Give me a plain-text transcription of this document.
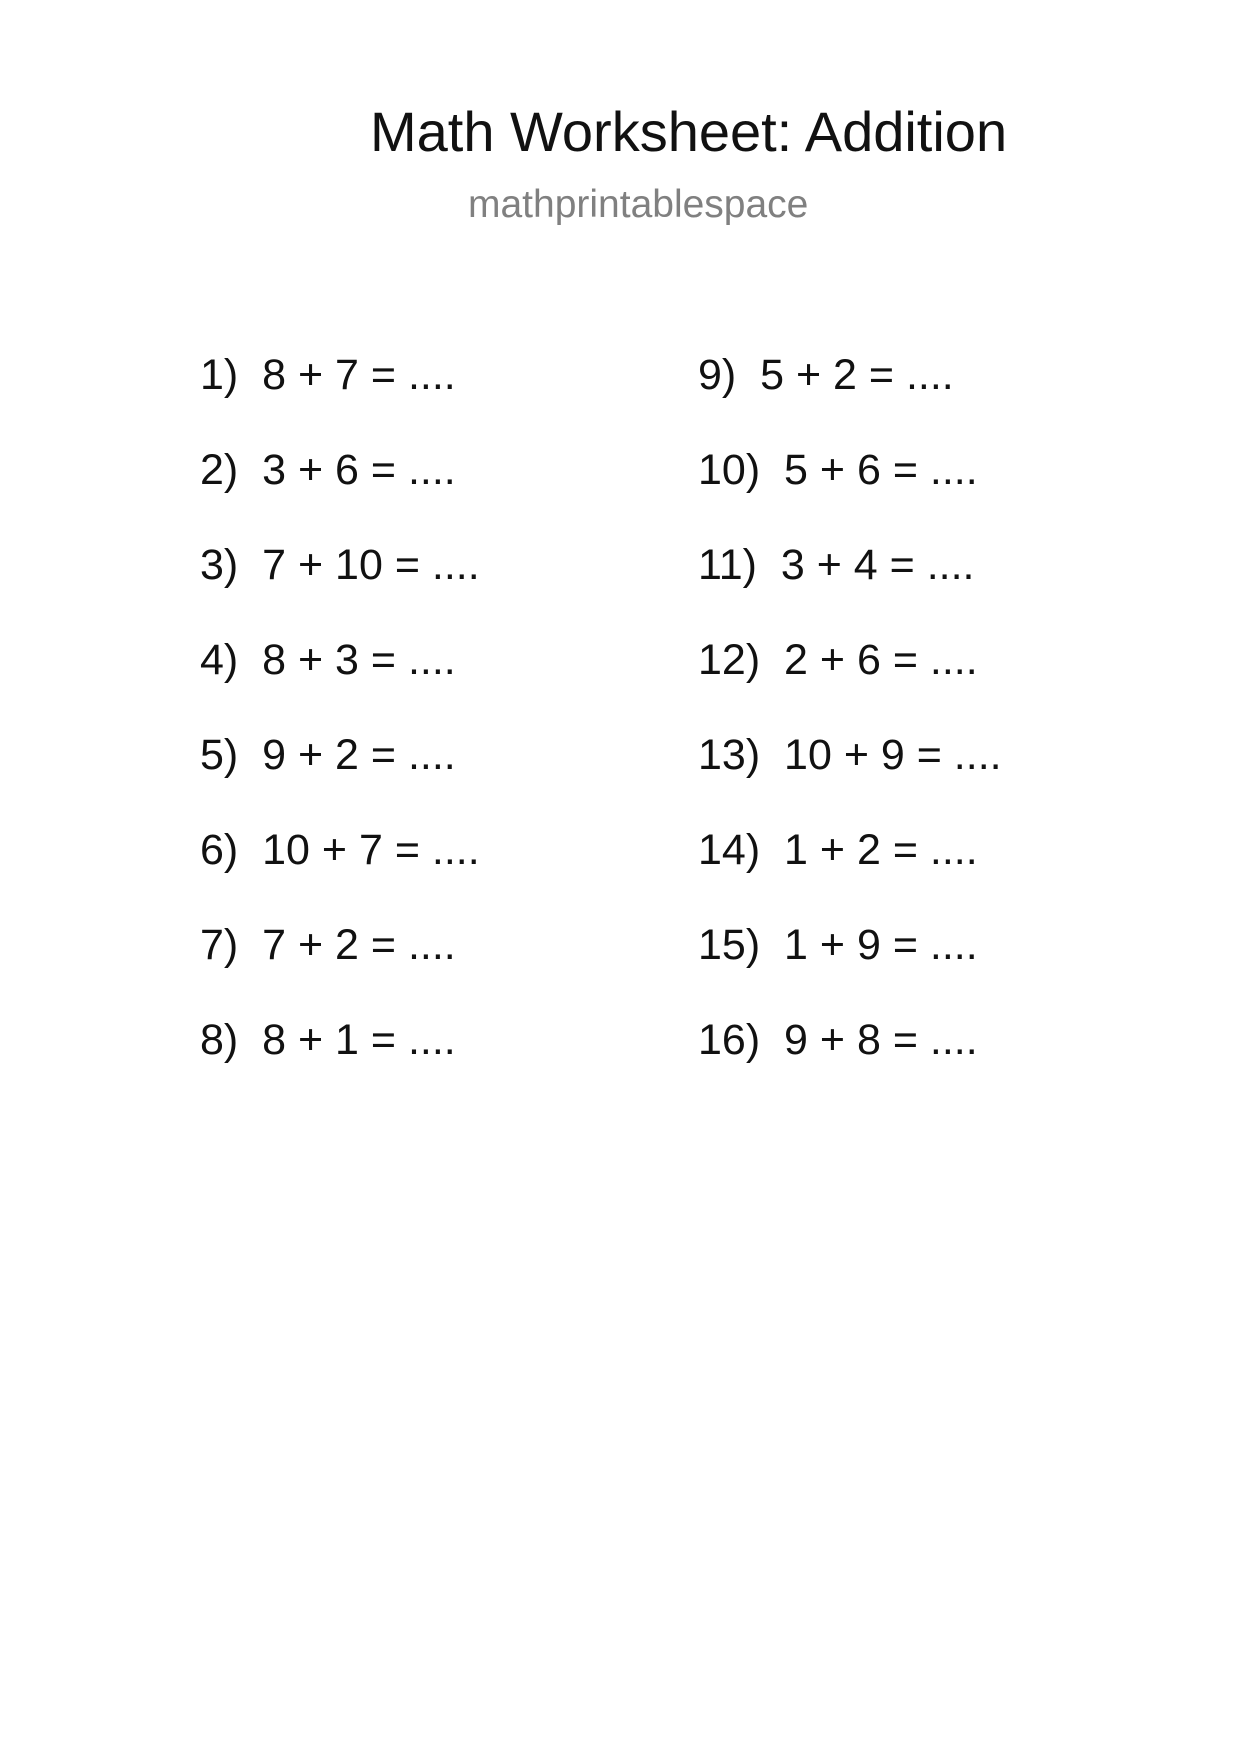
Math Worksheet: Addition
mathprintablespace
1)  8 + 7 = ....
2)  3 + 6 = ....
3)  7 + 10 = ....
4)  8 + 3 = ....
5)  9 + 2 = ....
6)  10 + 7 = ....
7)  7 + 2 = ....
8)  8 + 1 = ....
9)  5 + 2 = ....
10)  5 + 6 = ....
11)  3 + 4 = ....
12)  2 + 6 = ....
13)  10 + 9 = ....
14)  1 + 2 = ....
15)  1 + 9 = ....
16)  9 + 8 = ....
